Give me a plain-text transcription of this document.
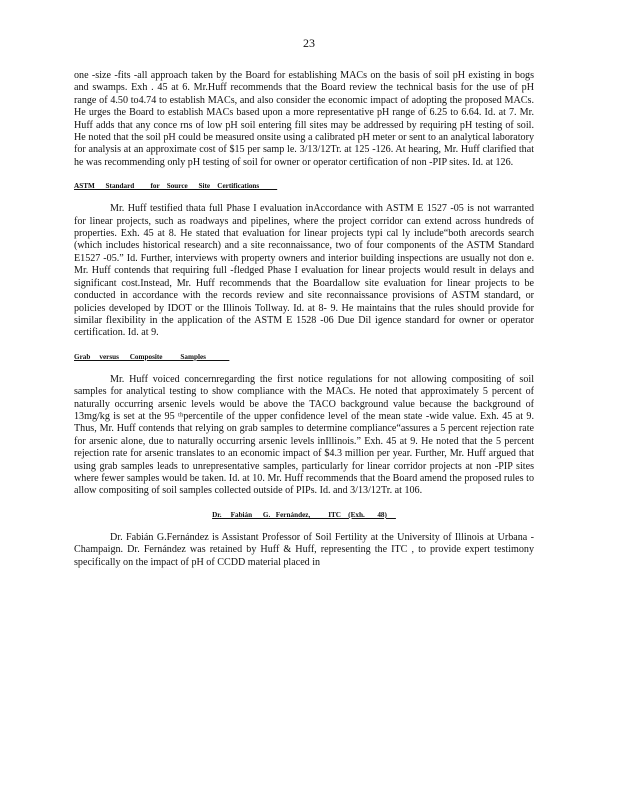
23

one -size -fits -all approach taken by the Board for establishing MACs on the basis of soil pH existing in bogs and swamps. Exh . 45 at 6. Mr.Huff recommends that the Board review the technical basis for the use of pH range of 4.50 to4.74 to establish MACs, and also consider the economic impact of adopting the proposed MACs. He urges the Board to establish MACs based upon a more representative pH range of 6.25 to 6.64. Id. at 7. Mr. Huff adds that any conce rns of low pH soil entering fill sites may be addressed by requiring pH testing of soil. He noted that the soil pH could be measured onsite using a calibrated pH meter or sent to an analytical laboratory for analysis at an approximate cost of $15 per samp le. 3/13/12Tr. at 125 -126. At hearing, Mr. Huff clarified that he was recommending only pH testing of soil for owner or operator certification of non -PIP sites. Id. at 126.

ASTM      Standard         for    Source      Site    Certifications

Mr. Huff testified thata full Phase I evaluation inAccordance with ASTM E 1527 -05 is not warranted for linear projects, such as roadways and pipelines, where the project corridor can extend across hundreds of properties. Exh. 45 at 8. He stated that evaluation for linear projects typi cal ly include“both arecords search (which includes historical research) and a site reconnaissance, two of four components of the ASTM Standard E1527 -05.” Id. Further, interviews with property owners and interior building inspections are usually not don e. Mr. Huff contends that requiring full -fledged Phase I evaluation for linear projects would result in delays and significant cost.Instead, Mr. Huff recommends that the Boardallow site evaluation for linear projects to be conducted in accordance with the records review and site reconnaissance provisions of ASTM standard, or policies developed by IDOT or the Illinois Tollway. Id. at 8- 9. He maintains that the rules should provide for similar flexibility in the application of the ASTM E 1528 -06 Due Dil igence standard for owner or operator certification. Id. at 9.

Grab     versus      Composite          Samples

Mr. Huff voiced concernregarding the first notice regulations for not allowing compositing of soil samples for analytical testing to show compliance with the MACs. He noted that approximately 5 percent of naturally occurring arsenic levels would be above the TACO background value because the background of 13mg/kg is set at the 95 ᵗʰpercentile of the upper confidence level of the mean state -wide value. Exh. 45 at 9. Thus, Mr. Huff contends that relying on grab samples to determine compliance“assures a 5 percent rejection rate for arsenic alone, due to naturally occurring arsenic levels inIllinois.” Exh. 45 at 9. He noted that the 5 percent rejection rate for arsenic translates to an economic impact of $4.3 million per year. Further, Mr. Huff argued that using grab samples leads to unrepresentative samples, particularly for linear corridor projects at non -PIP sites where fewer samples would be taken. Id. at 10. Mr. Huff recommends that the Board amend the proposed rules to allow compositing of soil samples collected outside of PIPs. Id. and 3/13/12Tr. at 106.

Dr.     Fabián      G.   Fernández,          ITC    (Exh.       48)

Dr. Fabián G.Fernández is Assistant Professor of Soil Fertility at the University of Illinois at Urbana -Champaign. Dr. Fernández was retained by Huff & Huff, representing the ITC , to provide expert testimony specifically on the impact of pH of CCDD material placed in
